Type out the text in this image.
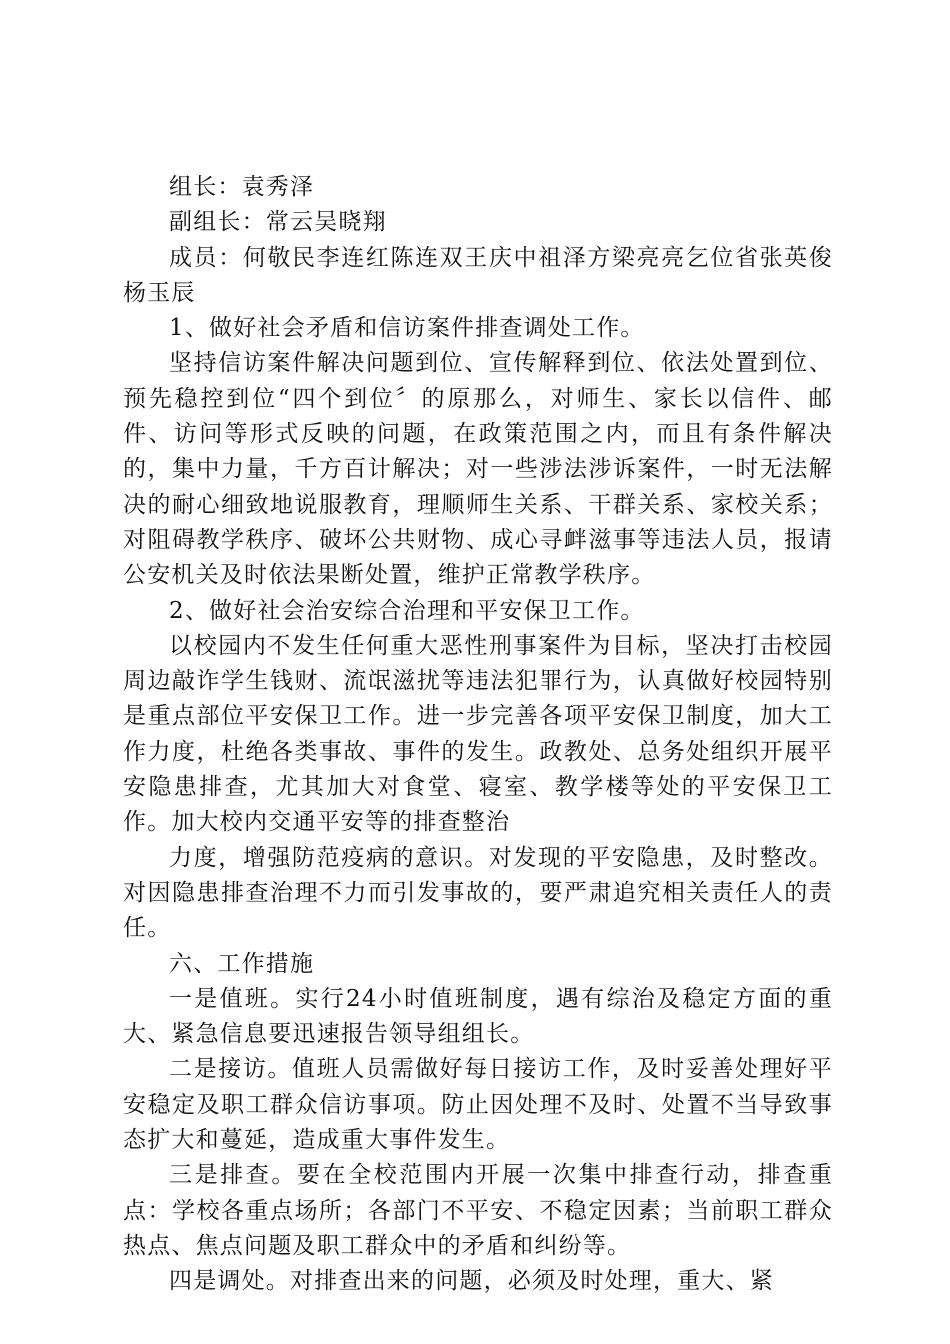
组长：袁秀泽

副组长：常云吴晓翔

成员：何敬民李连红陈连双王庆中祖泽方梁亮亮乞位省张英俊杨玉辰

1、做好社会矛盾和信访案件排查调处工作。

坚持信访案件解决问题到位、宣传解释到位、依法处置到位、预先稳控到位“四个到位〞的原那么，对师生、家长以信件、邮件、访问等形式反映的问题，在政策范围之内，而且有条件解决的，集中力量，千方百计解决；对一些涉法涉诉案件，一时无法解决的耐心细致地说服教育，理顺师生关系、干群关系、家校关系；对阻碍教学秩序、破坏公共财物、成心寻衅滋事等违法人员，报请公安机关及时依法果断处置，维护正常教学秩序。

2、做好社会治安综合治理和平安保卫工作。

以校园内不发生任何重大恶性刑事案件为目标，坚决打击校园周边敲诈学生钱财、流氓滋扰等违法犯罪行为，认真做好校园特别是重点部位平安保卫工作。进一步完善各项平安保卫制度，加大工作力度，杜绝各类事故、事件的发生。政教处、总务处组织开展平安隐患排查，尤其加大对食堂、寝室、教学楼等处的平安保卫工作。加大校内交通平安等的排查整治

力度，增强防范疫病的意识。对发现的平安隐患，及时整改。对因隐患排查治理不力而引发事故的，要严肃追究相关责任人的责任。

六、工作措施

一是值班。实行24小时值班制度，遇有综治及稳定方面的重大、紧急信息要迅速报告领导组组长。

二是接访。值班人员需做好每日接访工作，及时妥善处理好平安稳定及职工群众信访事项。防止因处理不及时、处置不当导致事态扩大和蔓延，造成重大事件发生。

三是排查。要在全校范围内开展一次集中排查行动，排查重点：学校各重点场所；各部门不平安、不稳定因素；当前职工群众热点、焦点问题及职工群众中的矛盾和纠纷等。

四是调处。对排查出来的问题，必须及时处理，重大、紧
